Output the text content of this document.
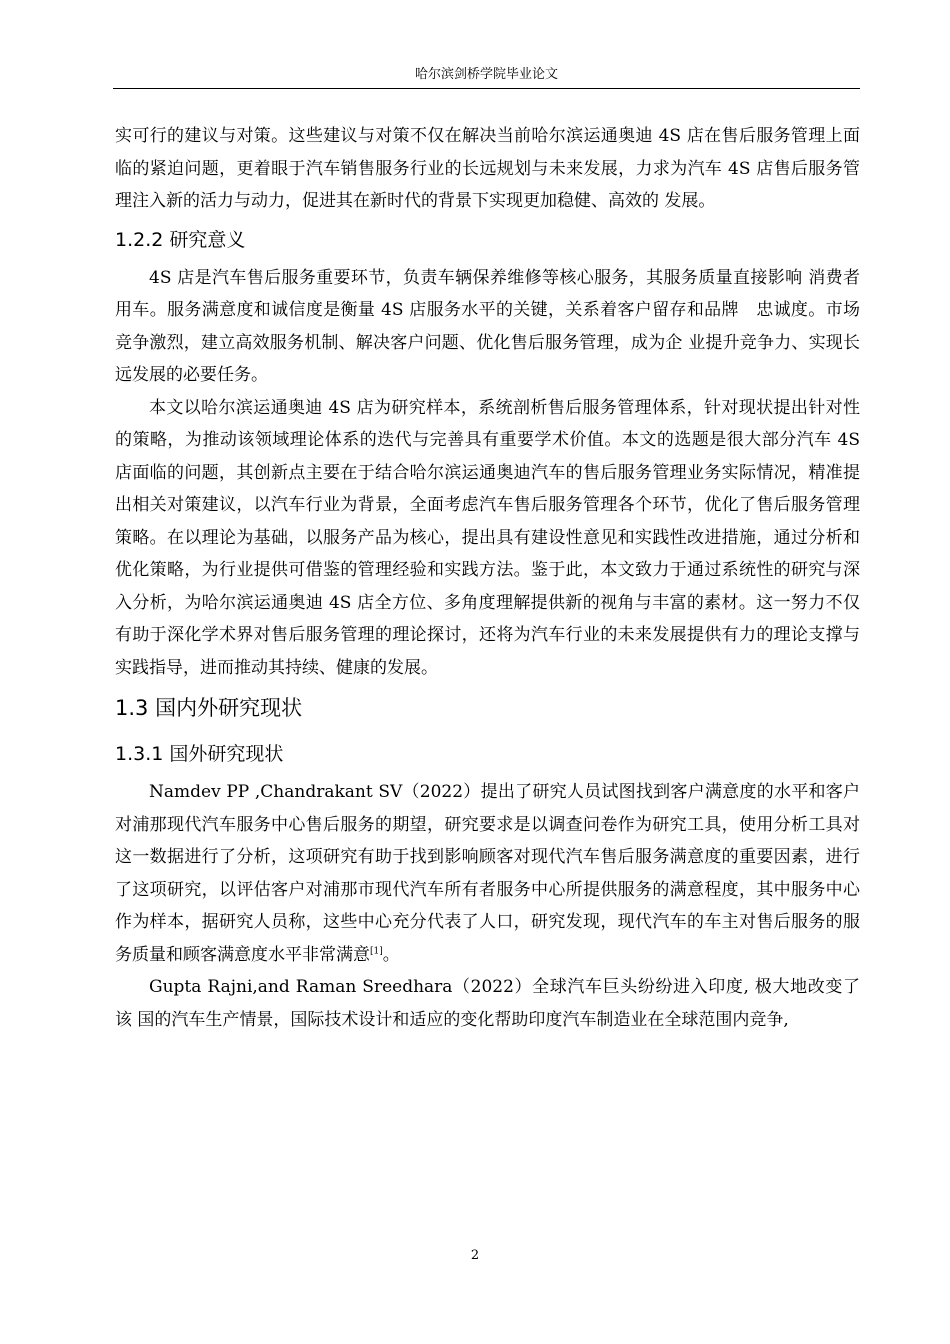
哈尔滨剑桥学院毕业论文

实可行的建议与对策。这些建议与对策不仅在解决当前哈尔滨运通奥迪 4S 店在售后服务管理上面临的紧迫问题，更着眼于汽车销售服务行业的长远规划与未来发展，力求为汽车 4S 店售后服务管理注入新的活力与动力，促进其在新时代的背景下实现更加稳健、高效的 发展。

1.2.2 研究意义

4S 店是汽车售后服务重要环节，负责车辆保养维修等核心服务，其服务质量直接影响 消费者用车。服务满意度和诚信度是衡量 4S 店服务水平的关键，关系着客户留存和品牌　忠诚度。市场竞争激烈，建立高效服务机制、解决客户问题、优化售后服务管理，成为企 业提升竞争力、实现长远发展的必要任务。

本文以哈尔滨运通奥迪 4S 店为研究样本，系统剖析售后服务管理体系，针对现状提出针对性的策略，为推动该领域理论体系的迭代与完善具有重要学术价值。本文的选题是很大部分汽车 4S 店面临的问题，其创新点主要在于结合哈尔滨运通奥迪汽车的售后服务管理业务实际情况，精准提出相关对策建议，以汽车行业为背景，全面考虑汽车售后服务管理各个环节，优化了售后服务管理策略。在以理论为基础，以服务产品为核心，提出具有建设性意见和实践性改进措施，通过分析和优化策略，为行业提供可借鉴的管理经验和实践方法。鉴于此，本文致力于通过系统性的研究与深入分析，为哈尔滨运通奥迪 4S 店全方位、多角度理解提供新的视角与丰富的素材。这一努力不仅有助于深化学术界对售后服务管理的理论探讨，还将为汽车行业的未来发展提供有力的理论支撑与实践指导，进而推动其持续、健康的发展。

1.3 国内外研究现状
1.3.1 国外研究现状

Namdev PP ,Chandrakant SV（2022）提出了研究人员试图找到客户满意度的水平和客户对浦那现代汽车服务中心售后服务的期望，研究要求是以调查问卷作为研究工具，使用分析工具对这一数据进行了分析，这项研究有助于找到影响顾客对现代汽车售后服务满意度的重要因素，进行了这项研究，以评估客户对浦那市现代汽车所有者服务中心所提供服务的满意程度，其中服务中心作为样本，据研究人员称，这些中心充分代表了人口，研究发现，现代汽车的车主对售后服务的服务质量和顾客满意度水平非常满意[1]。

Gupta Rajni,and Raman Sreedhara（2022）全球汽车巨头纷纷进入印度, 极大地改变了该 国的汽车生产情景，国际技术设计和适应的变化帮助印度汽车制造业在全球范围内竞争,

2
